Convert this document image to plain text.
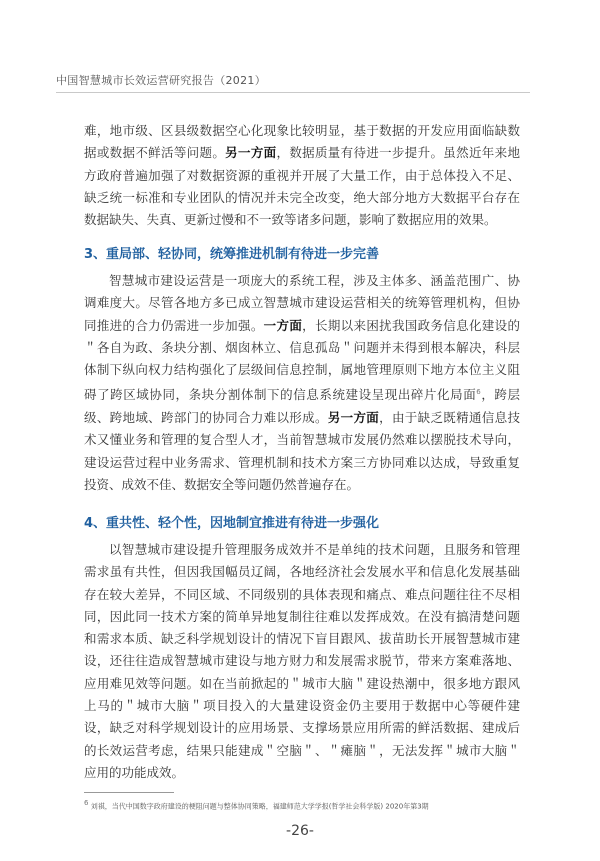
中国智慧城市长效运营研究报告（2021）
难，地市级、区县级数据空心化现象比较明显，基于数据的开发应用面临缺数据或数据不鲜活等问题。另一方面，数据质量有待进一步提升。虽然近年来地方政府普遍加强了对数据资源的重视并开展了大量工作，由于总体投入不足、缺乏统一标准和专业团队的情况并未完全改变，绝大部分地方大数据平台存在数据缺失、失真、更新过慢和不一致等诸多问题，影响了数据应用的效果。
3、重局部、轻协同，统筹推进机制有待进一步完善
智慧城市建设运营是一项庞大的系统工程，涉及主体多、涵盖范围广、协调难度大。尽管各地方多已成立智慧城市建设运营相关的统筹管理机构，但协同推进的合力仍需进一步加强。一方面，长期以来困扰我国政务信息化建设的＂各自为政、条块分割、烟囱林立、信息孤岛＂问题并未得到根本解决，科层体制下纵向权力结构强化了层级间信息控制，属地管理原则下地方本位主义阻碍了跨区域协同，条块分割体制下的信息系统建设呈现出碎片化局面$^6$，跨层级、跨地域、跨部门的协同合力难以形成。另一方面，由于缺乏既精通信息技术又懂业务和管理的复合型人才，当前智慧城市发展仍然难以摆脱技术导向，建设运营过程中业务需求、管理机制和技术方案三方协同难以达成，导致重复投资、成效不佳、数据安全等问题仍然普遍存在。
4、重共性、轻个性，因地制宜推进有待进一步强化
以智慧城市建设提升管理服务成效并不是单纯的技术问题，且服务和管理需求虽有共性，但因我国幅员辽阔，各地经济社会发展水平和信息化发展基础存在较大差异，不同区域、不同级别的具体表现和痛点、难点问题往往不尽相同，因此同一技术方案的简单异地复制往往难以发挥成效。在没有搞清楚问题和需求本质、缺乏科学规划设计的情况下盲目跟风、拔苗助长开展智慧城市建设，还往往造成智慧城市建设与地方财力和发展需求脱节，带来方案难落地、应用难见效等问题。如在当前掀起的＂城市大脑＂建设热潮中，很多地方跟风上马的＂城市大脑＂项目投入的大量建设资金仍主要用于数据中心等硬件建设，缺乏对科学规划设计的应用场景、支撑场景应用所需的鲜活数据、建成后的长效运营考虑，结果只能建成＂空脑＂、＂瘫脑＂，无法发挥＂城市大脑＂应用的功能成效。
$^6$ 刘祺，当代中国数字政府建设的梗阻问题与整体协同策略，福建师范大学学报(哲学社会科学版) 2020年第3期
-26-
